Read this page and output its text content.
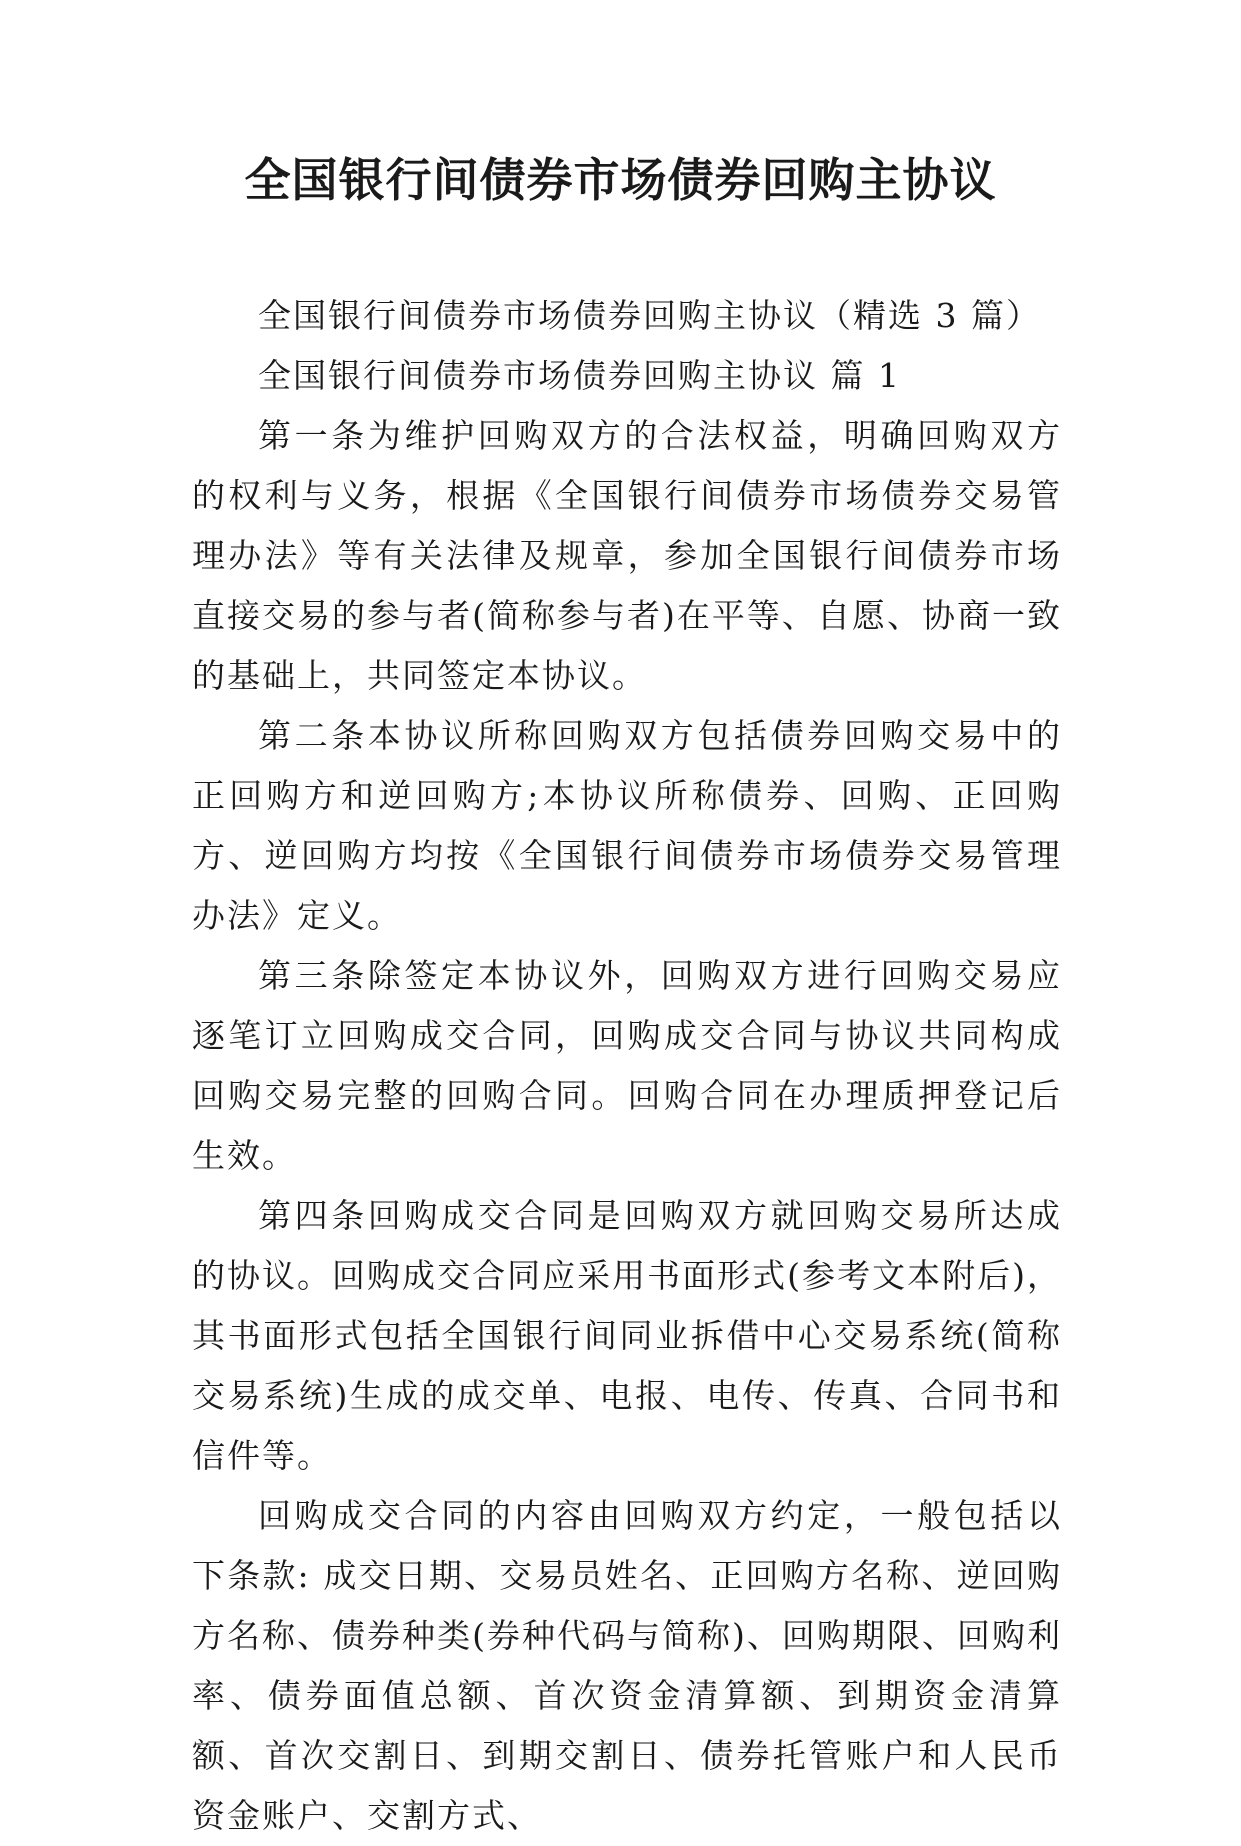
全国银行间债券市场债券回购主协议

全国银行间债券市场债券回购主协议（精选 3 篇）

全国银行间债券市场债券回购主协议 篇 1

第一条为维护回购双方的合法权益，明确回购双方的权利与义务，根据《全国银行间债券市场债券交易管理办法》等有关法律及规章，参加全国银行间债券市场直接交易的参与者(简称参与者)在平等、自愿、协商一致的基础上，共同签定本协议。

第二条本协议所称回购双方包括债券回购交易中的正回购方和逆回购方;本协议所称债券、回购、正回购方、逆回购方均按《全国银行间债券市场债券交易管理办法》定义。

第三条除签定本协议外，回购双方进行回购交易应逐笔订立回购成交合同，回购成交合同与协议共同构成回购交易完整的回购合同。回购合同在办理质押登记后生效。

第四条回购成交合同是回购双方就回购交易所达成的协议。回购成交合同应采用书面形式(参考文本附后)，其书面形式包括全国银行间同业拆借中心交易系统(简称交易系统)生成的成交单、电报、电传、传真、合同书和信件等。

回购成交合同的内容由回购双方约定，一般包括以下条款: 成交日期、交易员姓名、正回购方名称、逆回购方名称、债券种类(券种代码与简称)、回购期限、回购利率、债券面值总额、首次资金清算额、到期资金清算额、首次交割日、到期交割日、债券托管账户和人民币资金账户、交割方式、
